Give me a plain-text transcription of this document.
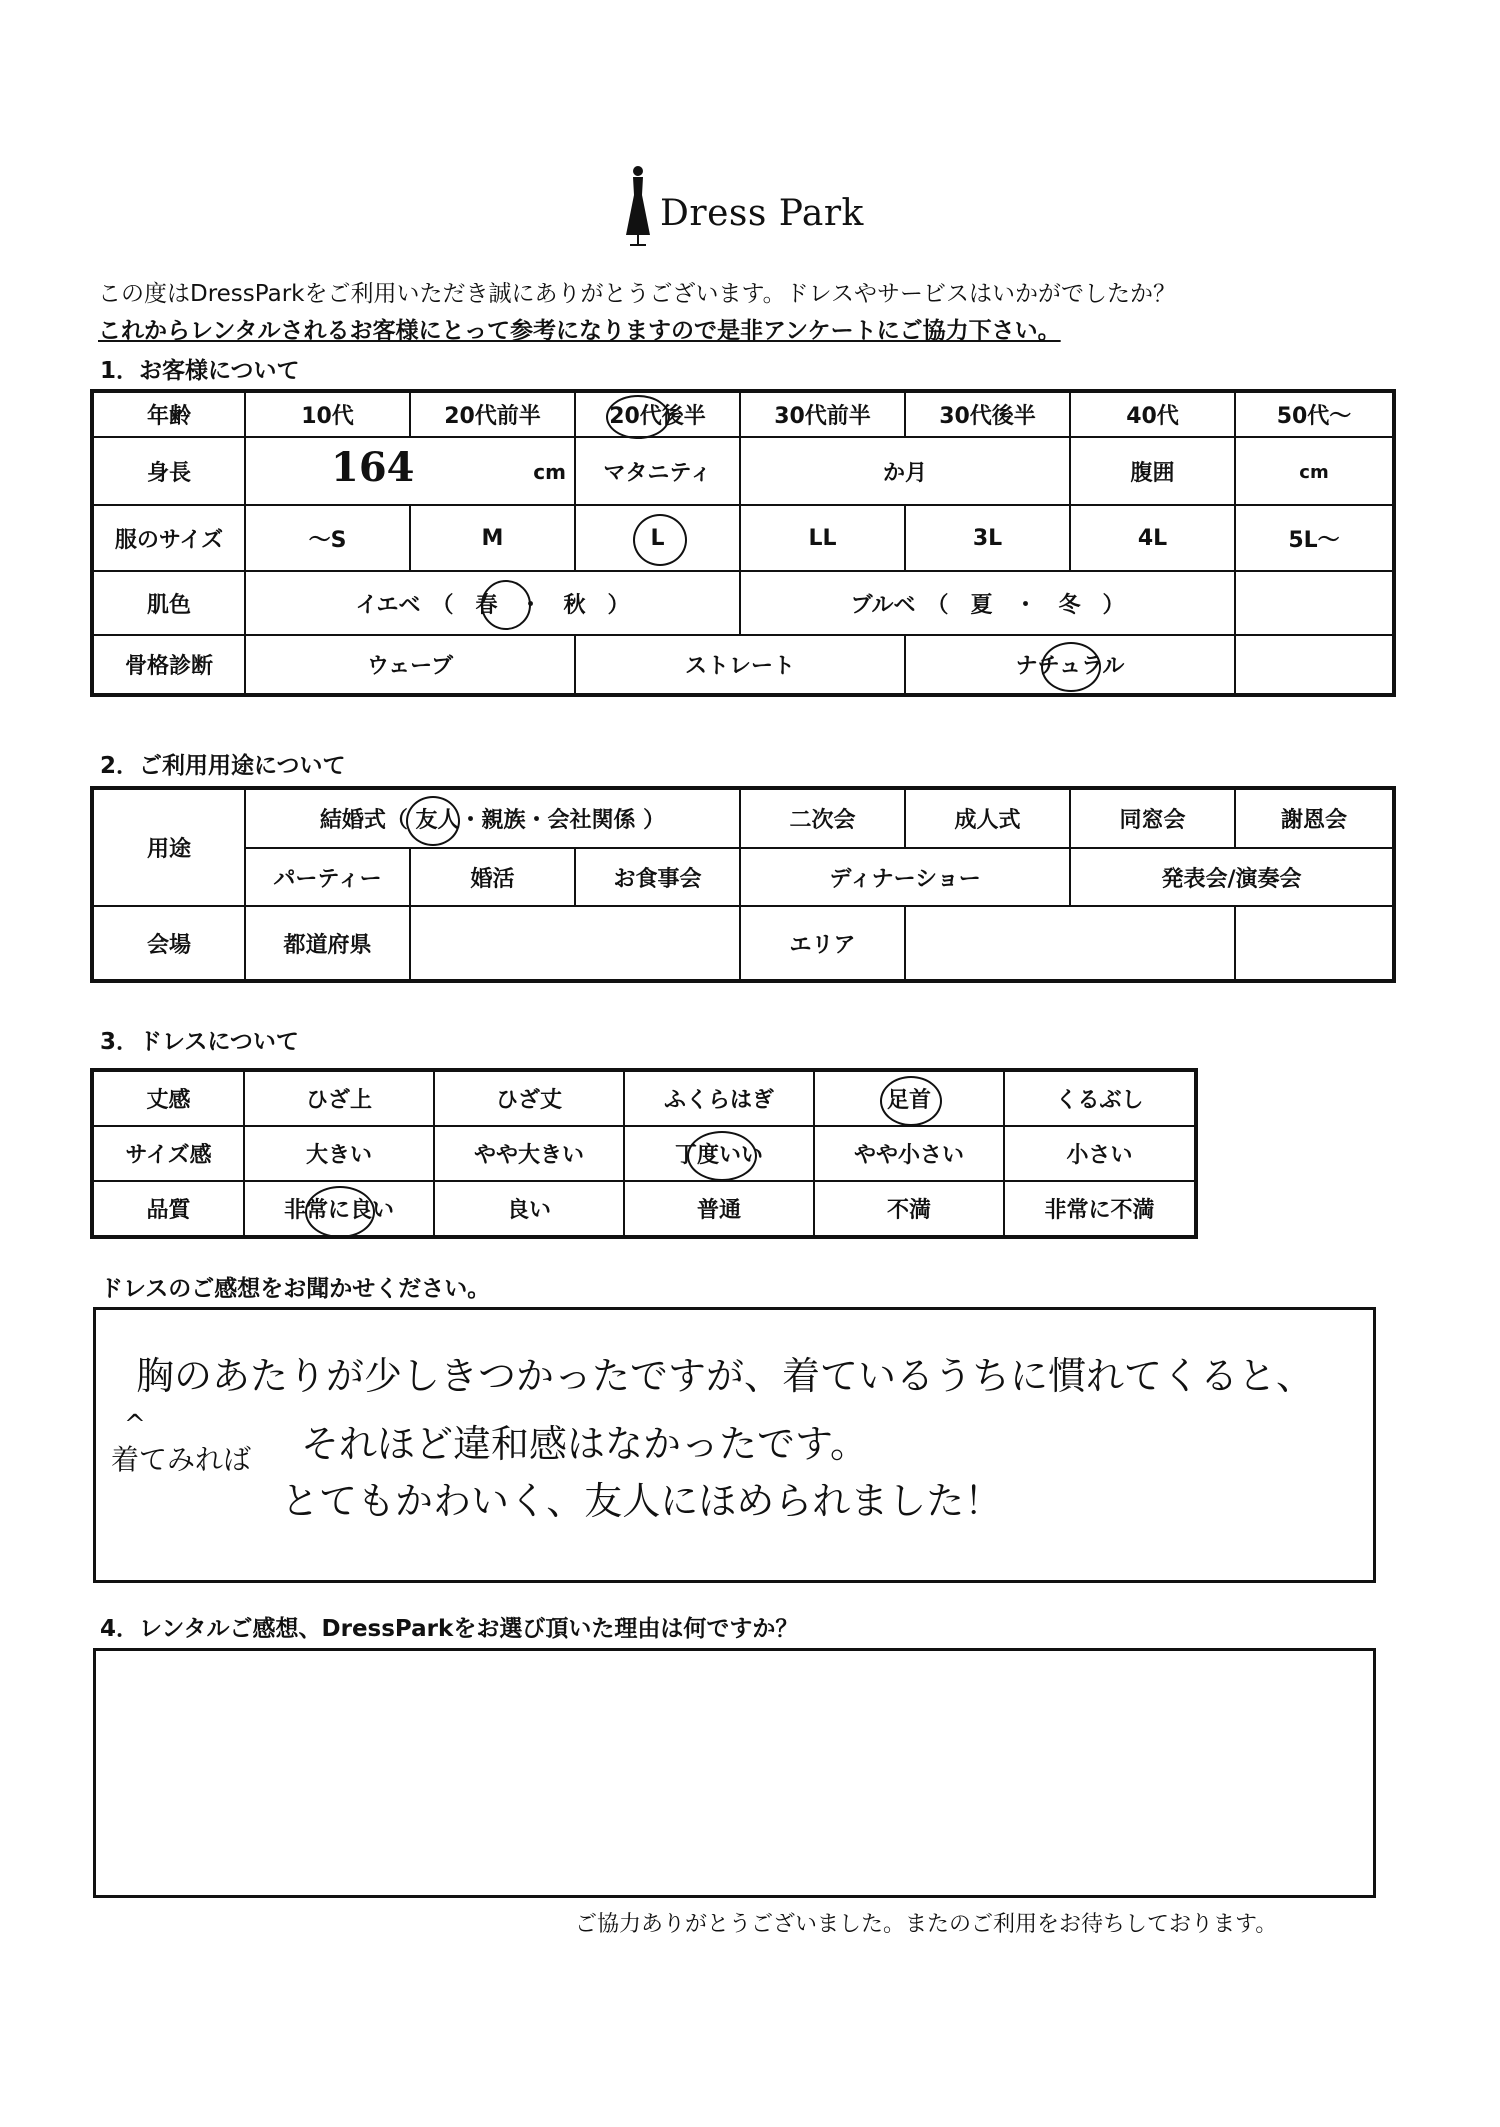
Dress Park
この度はDressParkをご利用いただき誠にありがとうございます。ドレスやサービスはいかがでしたか？
これからレンタルされるお客様にとって参考になりますので是非アンケートにご協力下さい。
1．お客様について
年齢	10代	20代前半	20代後半	30代前半	30代後半	40代	50代〜
身長	164 cm		マタニティ	か月		腹囲	cm
服のサイズ	〜S	M	L	LL	3L	4L	5L〜
肌色	イエベ　（　春　・　秋　）			ブルベ　（　夏　・　冬　）			
骨格診断	ウェーブ		ストレート		ナチュラル	

2．ご利用用途について
用途	結婚式（ 友人・親族・会社関係 ）			二次会	成人式	同窓会	謝恩会
	パーティー	婚活	お食事会	ディナーショー		発表会/演奏会	
会場	都道府県			エリア			
3．ドレスについて
丈感	ひざ上	ひざ丈	ふくらはぎ	足首	くるぶし
サイズ感	大きい	やや大きい	丁度いい	やや小さい	小さい
品質	非常に良い	良い	普通	不満	非常に不満
ドレスのご感想をお聞かせください。
胸のあたりが少しきつかったですが、着ているうちに慣れてくると、
^
着てみれば それほど違和感はなかったです。
とてもかわいく、友人にほめられました！
4．レンタルご感想、DressParkをお選び頂いた理由は何ですか？
ご協力ありがとうございました。またのご利用をお待ちしております。
